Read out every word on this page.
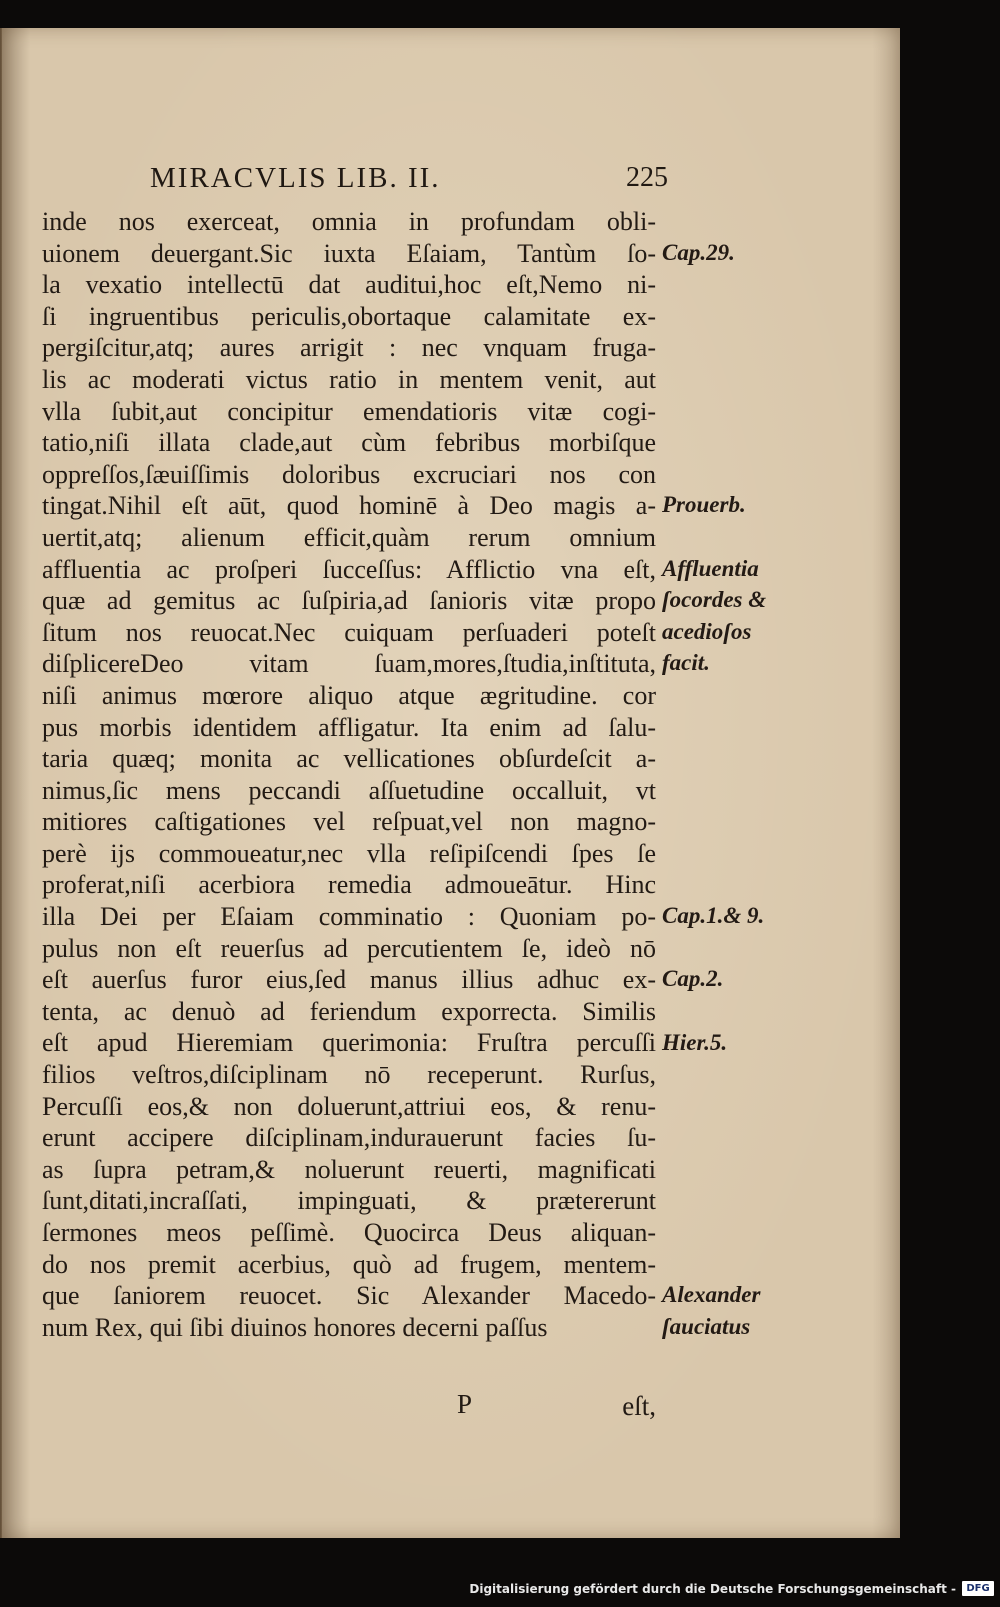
MIRACVLIS LIB. II.	225
inde nos exerceat, omnia in profundam obli-
uionem deuergant.Sic iuxta Eſaiam, Tantùm ſo-
la vexatio intellectū dat auditui,hoc eſt,Nemo ni-
ſi ingruentibus periculis,obortaque calamitate ex-
pergiſcitur,atq; aures arrigit : nec vnquam fruga-
lis ac moderati victus ratio in mentem venit, aut
vlla ſubit,aut concipitur emendatioris vitæ cogi-
tatio,niſi illata clade,aut cùm febribus morbiſque
oppreſſos,ſæuiſſimis doloribus excruciari nos con
tingat.Nihil eſt aūt, quod hominē à Deo magis a-
uertit,atq; alienum efficit,quàm rerum omnium
affluentia ac proſperi ſucceſſus: Afflictio vna eſt,
quæ ad gemitus ac ſuſpiria,ad ſanioris vitæ propo
ſitum nos reuocat.Nec cuiquam perſuaderi poteſt
diſplicereDeo vitam ſuam,mores,ſtudia,inſtituta,
niſi animus mœrore aliquo atque ægritudine. cor
pus morbis identidem affligatur. Ita enim ad ſalu-
taria quæq; monita ac vellicationes obſurdeſcit a-
nimus,ſic mens peccandi aſſuetudine occalluit, vt
mitiores caſtigationes vel reſpuat,vel non magno-
perè ijs commoueatur,nec vlla reſipiſcendi ſpes ſe
proferat,niſi acerbiora remedia admoueātur. Hinc
illa Dei per Eſaiam comminatio : Quoniam po-
pulus non eſt reuerſus ad percutientem ſe, ideò nō
eſt auerſus furor eius,ſed manus illius adhuc ex-
tenta, ac denuò ad feriendum exporrecta. Similis
eſt apud Hieremiam querimonia: Fruſtra percuſſi
filios veſtros,diſciplinam nō receperunt. Rurſus,
Percuſſi eos,& non doluerunt,attriui eos, & renu-
erunt accipere diſciplinam,indurauerunt facies ſu-
as ſupra petram,& noluerunt reuerti, magnificati
ſunt,ditati,incraſſati, impinguati, & prætererunt
ſermones meos peſſimè. Quocirca Deus aliquan-
do nos premit acerbius, quò ad frugem, mentem-
que ſaniorem reuocet. Sic Alexander Macedo-
num Rex, qui ſibi diuinos honores decerni paſſus
Cap.29.
Prouerb.
Affluentia
ſocordes &
acedioſos
facit.
Cap.1.& 9.
Cap.2.
Hier.5.
Alexander
ſauciatus
P	eſt,
Digitalisierung gefördert durch die Deutsche Forschungsgemeinschaft -	DFG
